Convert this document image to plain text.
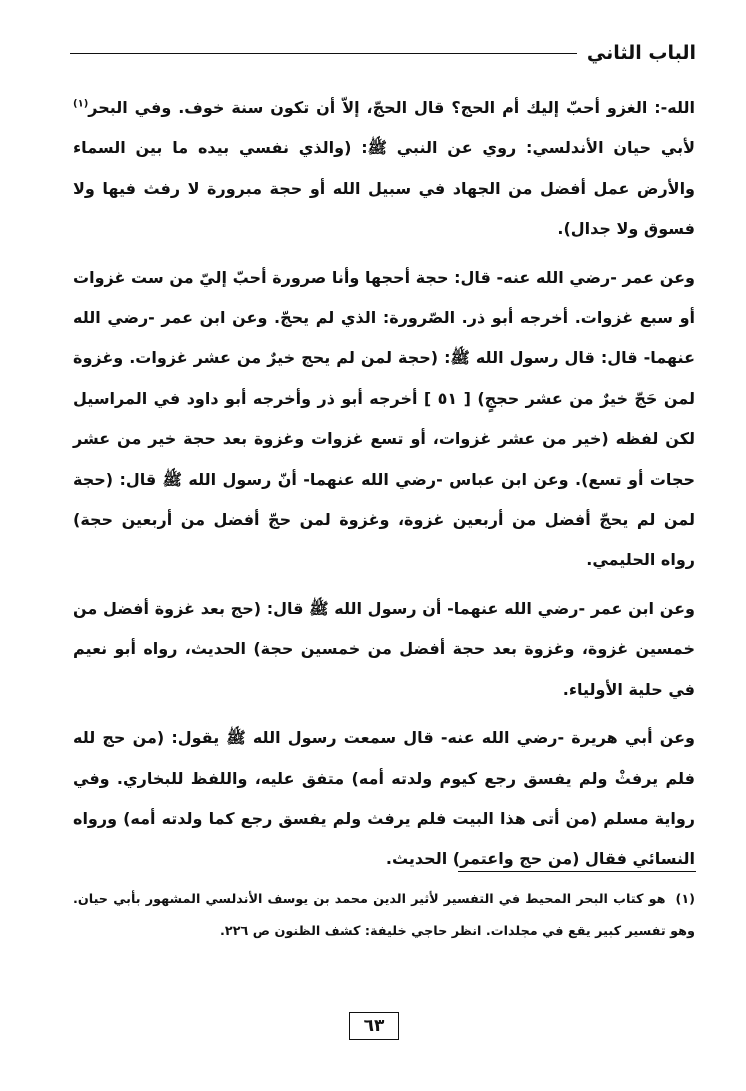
الباب الثاني

الله-: الغزو أحبّ إليك أم الحج؟ قال الحجّ، إلاّ أن تكون سنة خوف. وفي البحر$^{(١)}$ لأبي حيان الأندلسي: روي عن النبي ﷺ: (والذي نفسي بيده ما بين السماء والأرض عمل أفضل من الجهاد في سبيل الله أو حجة مبرورة لا رفث فيها ولا فسوق ولا جدال).

وعن عمر -رضي الله عنه- قال: حجة أحجها وأنا صرورة أحبّ إليّ من ست غزوات أو سبع غزوات. أخرجه أبو ذر. الصّرورة: الذي لم يحجّ. وعن ابن عمر -رضي الله عنهما- قال: قال رسول الله ﷺ: (حجة لمن لم يحج خيرٌ من عشر غزوات. وغزوة لمن حَجّ خيرٌ من عشر حججٍ) [ ٥١ ] أخرجه أبو ذر وأخرجه أبو داود في المراسيل لكن لفظه (خير من عشر غزوات، أو تسع غزوات وغزوة بعد حجة خير من عشر حجات أو تسع). وعن ابن عباس -رضي الله عنهما- أنّ رسول الله ﷺ قال: (حجة لمن لم يحجّ أفضل من أربعين غزوة، وغزوة لمن حجّ أفضل من أربعين حجة) رواه الحليمي.

وعن ابن عمر -رضي الله عنهما- أن رسول الله ﷺ قال: (حج بعد غزوة أفضل من خمسين غزوة، وغزوة بعد حجة أفضل من خمسين حجة) الحديث، رواه أبو نعيم في حلية الأولياء.

وعن أبي هريرة -رضي الله عنه- قال سمعت رسول الله ﷺ يقول: (من حج لله فلم يرفثْ ولم يفسق رجع كيوم ولدته أمه) متفق عليه، واللفظ للبخاري. وفي رواية مسلم (من أتى هذا البيت فلم يرفث ولم يفسق رجع كما ولدته أمه) ورواه النسائي فقال (من حج واعتمر) الحديث.

(١)هو كتاب البحر المحيط في التفسير لأثير الدين محمد بن يوسف الأندلسي المشهور بأبي حيان. وهو تفسير كبير يقع في مجلدات. انظر حاجي خليفة: كشف الظنون ص ٢٢٦.
٦٣
